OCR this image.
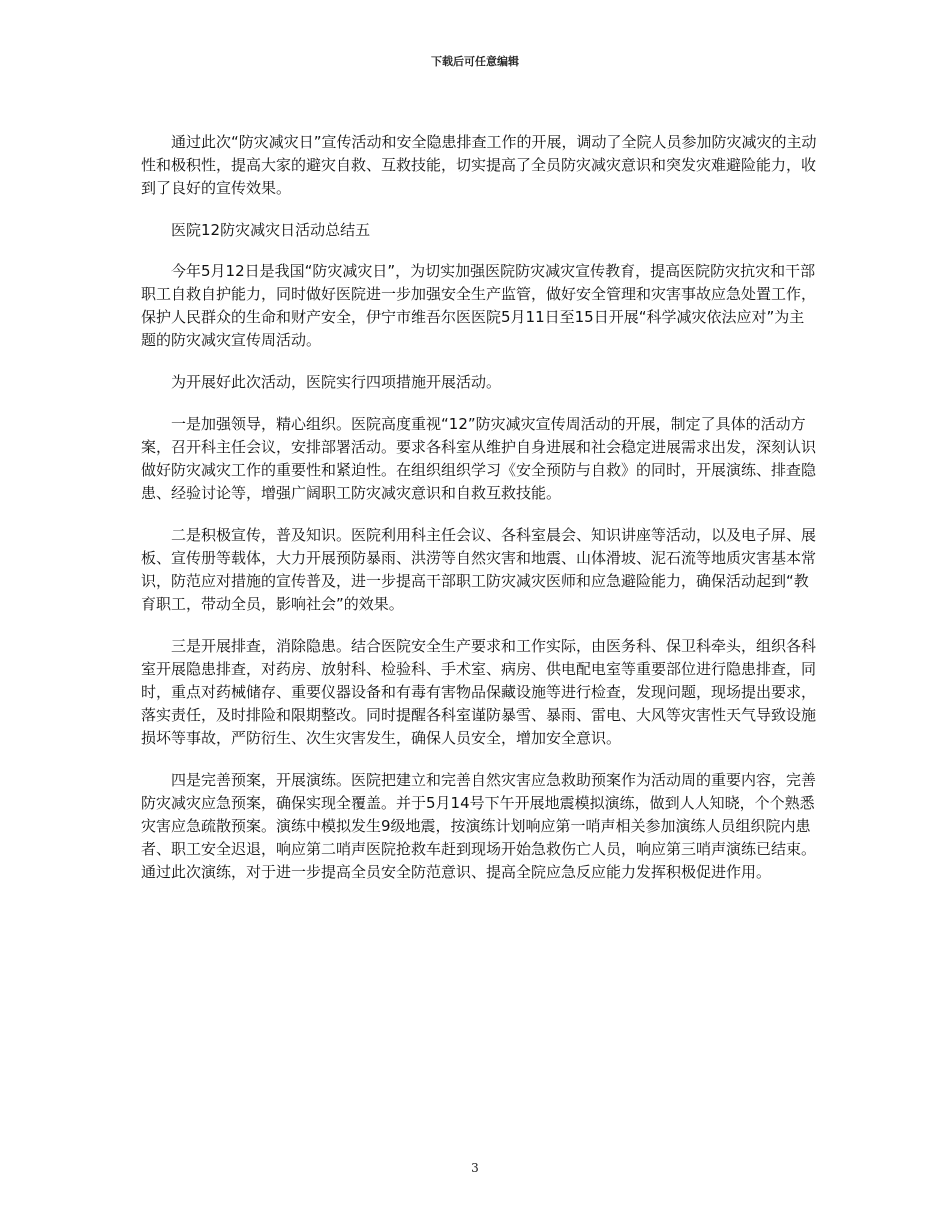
下载后可任意编辑

通过此次“防灾减灾日”宣传活动和安全隐患排查工作的开展，调动了全院人员参加防灾减灾的主动性和极积性，提高大家的避灾自救、互救技能，切实提高了全员防灾减灾意识和突发灾难避险能力，收到了良好的宣传效果。

医院12防灾减灾日活动总结五

今年5月12日是我国“防灾减灾日”，为切实加强医院防灾减灾宣传教育，提高医院防灾抗灾和干部职工自救自护能力，同时做好医院进一步加强安全生产监管，做好安全管理和灾害事故应急处置工作，保护人民群众的生命和财产安全，伊宁市维吾尔医医院5月11日至15日开展“科学减灾依法应对”为主题的防灾减灾宣传周活动。

为开展好此次活动，医院实行四项措施开展活动。

一是加强领导，精心组织。医院高度重视“12”防灾减灾宣传周活动的开展，制定了具体的活动方案，召开科主任会议，安排部署活动。要求各科室从维护自身进展和社会稳定进展需求出发，深刻认识做好防灾减灾工作的重要性和紧迫性。在组织组织学习《安全预防与自救》的同时，开展演练、排查隐患、经验讨论等，增强广阔职工防灾减灾意识和自救互救技能。

二是积极宣传，普及知识。医院利用科主任会议、各科室晨会、知识讲座等活动，以及电子屏、展板、宣传册等载体，大力开展预防暴雨、洪涝等自然灾害和地震、山体滑坡、泥石流等地质灾害基本常识，防范应对措施的宣传普及，进一步提高干部职工防灾减灾医师和应急避险能力，确保活动起到“教育职工，带动全员，影响社会”的效果。

三是开展排查，消除隐患。结合医院安全生产要求和工作实际，由医务科、保卫科牵头，组织各科室开展隐患排查，对药房、放射科、检验科、手术室、病房、供电配电室等重要部位进行隐患排查，同时，重点对药械储存、重要仪器设备和有毒有害物品保藏设施等进行检查，发现问题，现场提出要求，落实责任，及时排险和限期整改。同时提醒各科室谨防暴雪、暴雨、雷电、大风等灾害性天气导致设施损坏等事故，严防衍生、次生灾害发生，确保人员安全，增加安全意识。

四是完善预案，开展演练。医院把建立和完善自然灾害应急救助预案作为活动周的重要内容，完善防灾减灾应急预案，确保实现全覆盖。并于5月14号下午开展地震模拟演练，做到人人知晓，个个熟悉灾害应急疏散预案。演练中模拟发生9级地震，按演练计划响应第一哨声相关参加演练人员组织院内患者、职工安全迟退，响应第二哨声医院抢救车赶到现场开始急救伤亡人员，响应第三哨声演练已结束。通过此次演练，对于进一步提高全员安全防范意识、提高全院应急反应能力发挥积极促进作用。

3
